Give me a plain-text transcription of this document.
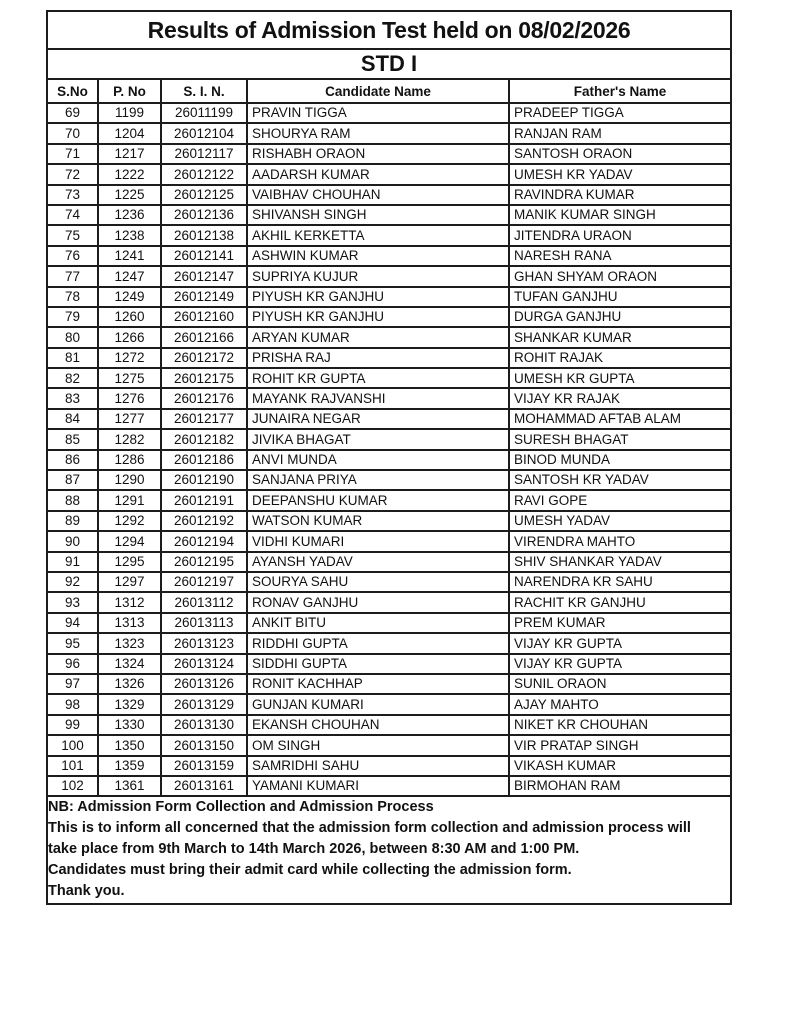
Results of Admission Test held on 08/02/2026				
STD I				
S.No	P. No	S. I. N.	Candidate Name	Father's Name
69	1199	26011199	PRAVIN TIGGA	PRADEEP TIGGA
70	1204	26012104	SHOURYA RAM	RANJAN RAM
71	1217	26012117	RISHABH ORAON	SANTOSH ORAON
72	1222	26012122	AADARSH KUMAR	UMESH KR YADAV
73	1225	26012125	VAIBHAV CHOUHAN	RAVINDRA KUMAR
74	1236	26012136	SHIVANSH SINGH	MANIK KUMAR SINGH
75	1238	26012138	AKHIL KERKETTA	JITENDRA URAON
76	1241	26012141	ASHWIN KUMAR	NARESH RANA
77	1247	26012147	SUPRIYA KUJUR	GHAN SHYAM ORAON
78	1249	26012149	PIYUSH KR GANJHU	TUFAN GANJHU
79	1260	26012160	PIYUSH KR GANJHU	DURGA GANJHU
80	1266	26012166	ARYAN KUMAR	SHANKAR KUMAR
81	1272	26012172	PRISHA RAJ	ROHIT RAJAK
82	1275	26012175	ROHIT KR GUPTA	UMESH KR GUPTA
83	1276	26012176	MAYANK RAJVANSHI	VIJAY KR RAJAK
84	1277	26012177	JUNAIRA NEGAR	MOHAMMAD AFTAB ALAM
85	1282	26012182	JIVIKA BHAGAT	SURESH BHAGAT
86	1286	26012186	ANVI MUNDA	BINOD MUNDA
87	1290	26012190	SANJANA PRIYA	SANTOSH KR YADAV
88	1291	26012191	DEEPANSHU KUMAR	RAVI GOPE
89	1292	26012192	WATSON KUMAR	UMESH YADAV
90	1294	26012194	VIDHI KUMARI	VIRENDRA MAHTO
91	1295	26012195	AYANSH YADAV	SHIV SHANKAR YADAV
92	1297	26012197	SOURYA SAHU	NARENDRA KR SAHU
93	1312	26013112	RONAV GANJHU	RACHIT KR GANJHU
94	1313	26013113	ANKIT BITU	PREM KUMAR
95	1323	26013123	RIDDHI GUPTA	VIJAY KR GUPTA
96	1324	26013124	SIDDHI GUPTA	VIJAY KR GUPTA
97	1326	26013126	RONIT KACHHAP	SUNIL ORAON
98	1329	26013129	GUNJAN KUMARI	AJAY MAHTO
99	1330	26013130	EKANSH CHOUHAN	NIKET KR CHOUHAN
100	1350	26013150	OM SINGH	VIR PRATAP SINGH
101	1359	26013159	SAMRIDHI SAHU	VIKASH KUMAR
102	1361	26013161	YAMANI KUMARI	BIRMOHAN RAM

NB: Admission Form Collection and Admission Process
This is to inform all concerned that the admission form collection and admission process will
take place from 9th March to 14th March 2026, between 8:30 AM and 1:00 PM.
Candidates must bring their admit card while collecting the admission form.
Thank you.				
